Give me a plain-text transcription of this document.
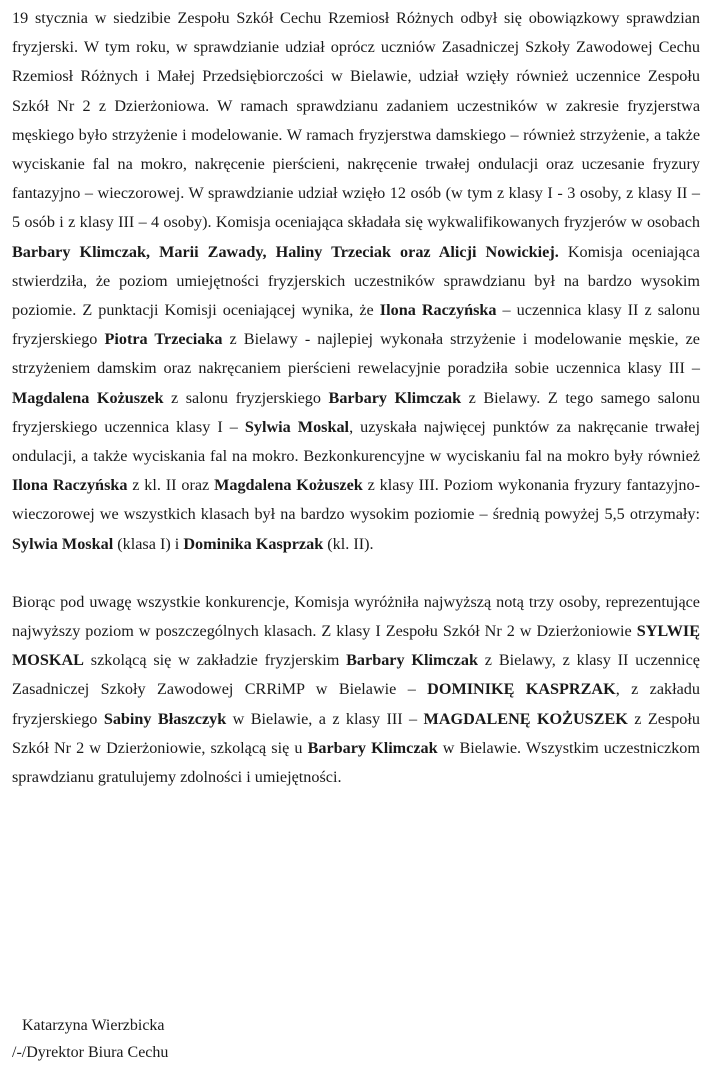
19 stycznia w siedzibie Zespołu Szkół Cechu Rzemiosł Różnych odbył się obowiązkowy sprawdzian fryzjerski. W tym roku, w sprawdzianie udział oprócz uczniów Zasadniczej Szkoły Zawodowej Cechu Rzemiosł Różnych i Małej Przedsiębiorczości w Bielawie, udział wzięły również uczennice Zespołu Szkół Nr 2 z Dzierżoniowa. W ramach sprawdzianu zadaniem uczestników w zakresie fryzjerstwa męskiego było strzyżenie i modelowanie. W ramach fryzjerstwa damskiego – również strzyżenie, a także wyciskanie fal na mokro, nakręcenie pierścieni, nakręcenie trwałej ondulacji oraz uczesanie fryzury fantazyjno – wieczorowej. W sprawdzianie udział wzięło 12 osób (w tym z klasy I - 3 osoby, z klasy II – 5 osób i z klasy III – 4 osoby). Komisja oceniająca składała się wykwalifikowanych fryzjerów w osobach Barbary Klimczak, Marii Zawady, Haliny Trzeciak oraz Alicji Nowickiej. Komisja oceniająca stwierdziła, że poziom umiejętności fryzjerskich uczestników sprawdzianu był na bardzo wysokim poziomie. Z punktacji Komisji oceniającej wynika, że Ilona Raczyńska – uczennica klasy II z salonu fryzjerskiego Piotra Trzeciaka z Bielawy - najlepiej wykonała strzyżenie i modelowanie męskie, ze strzyżeniem damskim oraz nakręcaniem pierścieni rewelacyjnie poradziła sobie uczennica klasy III – Magdalena Kożuszek z salonu fryzjerskiego Barbary Klimczak z Bielawy. Z tego samego salonu fryzjerskiego uczennica klasy I – Sylwia Moskal, uzyskała najwięcej punktów za nakręcanie trwałej ondulacji, a także wyciskania fal na mokro. Bezkonkurencyjne w wyciskaniu fal na mokro były również Ilona Raczyńska z kl. II oraz Magdalena Kożuszek z klasy III. Poziom wykonania fryzury fantazyjno-wieczorowej we wszystkich klasach był na bardzo wysokim poziomie – średnią powyżej 5,5 otrzymały: Sylwia Moskal (klasa I) i Dominika Kasprzak (kl. II).

Biorąc pod uwagę wszystkie konkurencje, Komisja wyróżniła najwyższą notą trzy osoby, reprezentujące najwyższy poziom w poszczególnych klasach. Z klasy I Zespołu Szkół Nr 2 w Dzierżoniowie SYLWIĘ MOSKAL szkolącą się w zakładzie fryzjerskim Barbary Klimczak z Bielawy, z klasy II uczennicę Zasadniczej Szkoły Zawodowej CRRiMP w Bielawie – DOMINIKĘ KASPRZAK, z zakładu fryzjerskiego Sabiny Błaszczyk w Bielawie, a z klasy III – MAGDALENĘ KOŻUSZEK z Zespołu Szkół Nr 2 w Dzierżoniowie, szkolącą się u Barbary Klimczak w Bielawie. Wszystkim uczestniczkom sprawdzianu gratulujemy zdolności i umiejętności.

Katarzyna Wierzbicka

/-/Dyrektor Biura Cechu
